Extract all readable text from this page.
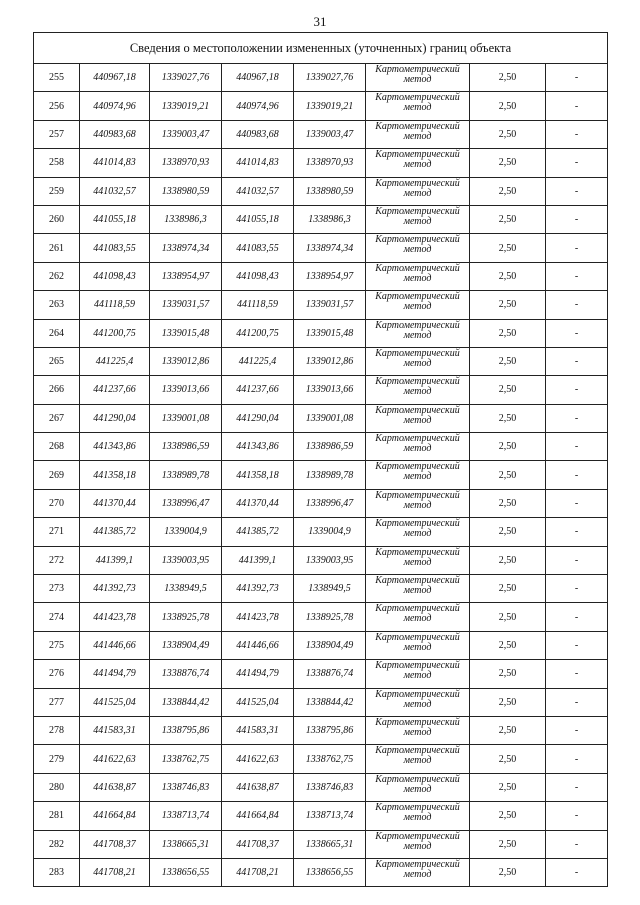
31
Сведения о местоположении измененных (уточненных) границ объекта							
255	440967,18	1339027,76	440967,18	1339027,76	Картометрический
метод	2,50	-
256	440974,96	1339019,21	440974,96	1339019,21	Картометрический
метод	2,50	-
257	440983,68	1339003,47	440983,68	1339003,47	Картометрический
метод	2,50	-
258	441014,83	1338970,93	441014,83	1338970,93	Картометрический
метод	2,50	-
259	441032,57	1338980,59	441032,57	1338980,59	Картометрический
метод	2,50	-
260	441055,18	1338986,3	441055,18	1338986,3	Картометрический
метод	2,50	-
261	441083,55	1338974,34	441083,55	1338974,34	Картометрический
метод	2,50	-
262	441098,43	1338954,97	441098,43	1338954,97	Картометрический
метод	2,50	-
263	441118,59	1339031,57	441118,59	1339031,57	Картометрический
метод	2,50	-
264	441200,75	1339015,48	441200,75	1339015,48	Картометрический
метод	2,50	-
265	441225,4	1339012,86	441225,4	1339012,86	Картометрический
метод	2,50	-
266	441237,66	1339013,66	441237,66	1339013,66	Картометрический
метод	2,50	-
267	441290,04	1339001,08	441290,04	1339001,08	Картометрический
метод	2,50	-
268	441343,86	1338986,59	441343,86	1338986,59	Картометрический
метод	2,50	-
269	441358,18	1338989,78	441358,18	1338989,78	Картометрический
метод	2,50	-
270	441370,44	1338996,47	441370,44	1338996,47	Картометрический
метод	2,50	-
271	441385,72	1339004,9	441385,72	1339004,9	Картометрический
метод	2,50	-
272	441399,1	1339003,95	441399,1	1339003,95	Картометрический
метод	2,50	-
273	441392,73	1338949,5	441392,73	1338949,5	Картометрический
метод	2,50	-
274	441423,78	1338925,78	441423,78	1338925,78	Картометрический
метод	2,50	-
275	441446,66	1338904,49	441446,66	1338904,49	Картометрический
метод	2,50	-
276	441494,79	1338876,74	441494,79	1338876,74	Картометрический
метод	2,50	-
277	441525,04	1338844,42	441525,04	1338844,42	Картометрический
метод	2,50	-
278	441583,31	1338795,86	441583,31	1338795,86	Картометрический
метод	2,50	-
279	441622,63	1338762,75	441622,63	1338762,75	Картометрический
метод	2,50	-
280	441638,87	1338746,83	441638,87	1338746,83	Картометрический
метод	2,50	-
281	441664,84	1338713,74	441664,84	1338713,74	Картометрический
метод	2,50	-
282	441708,37	1338665,31	441708,37	1338665,31	Картометрический
метод	2,50	-
283	441708,21	1338656,55	441708,21	1338656,55	Картометрический
метод	2,50	-
